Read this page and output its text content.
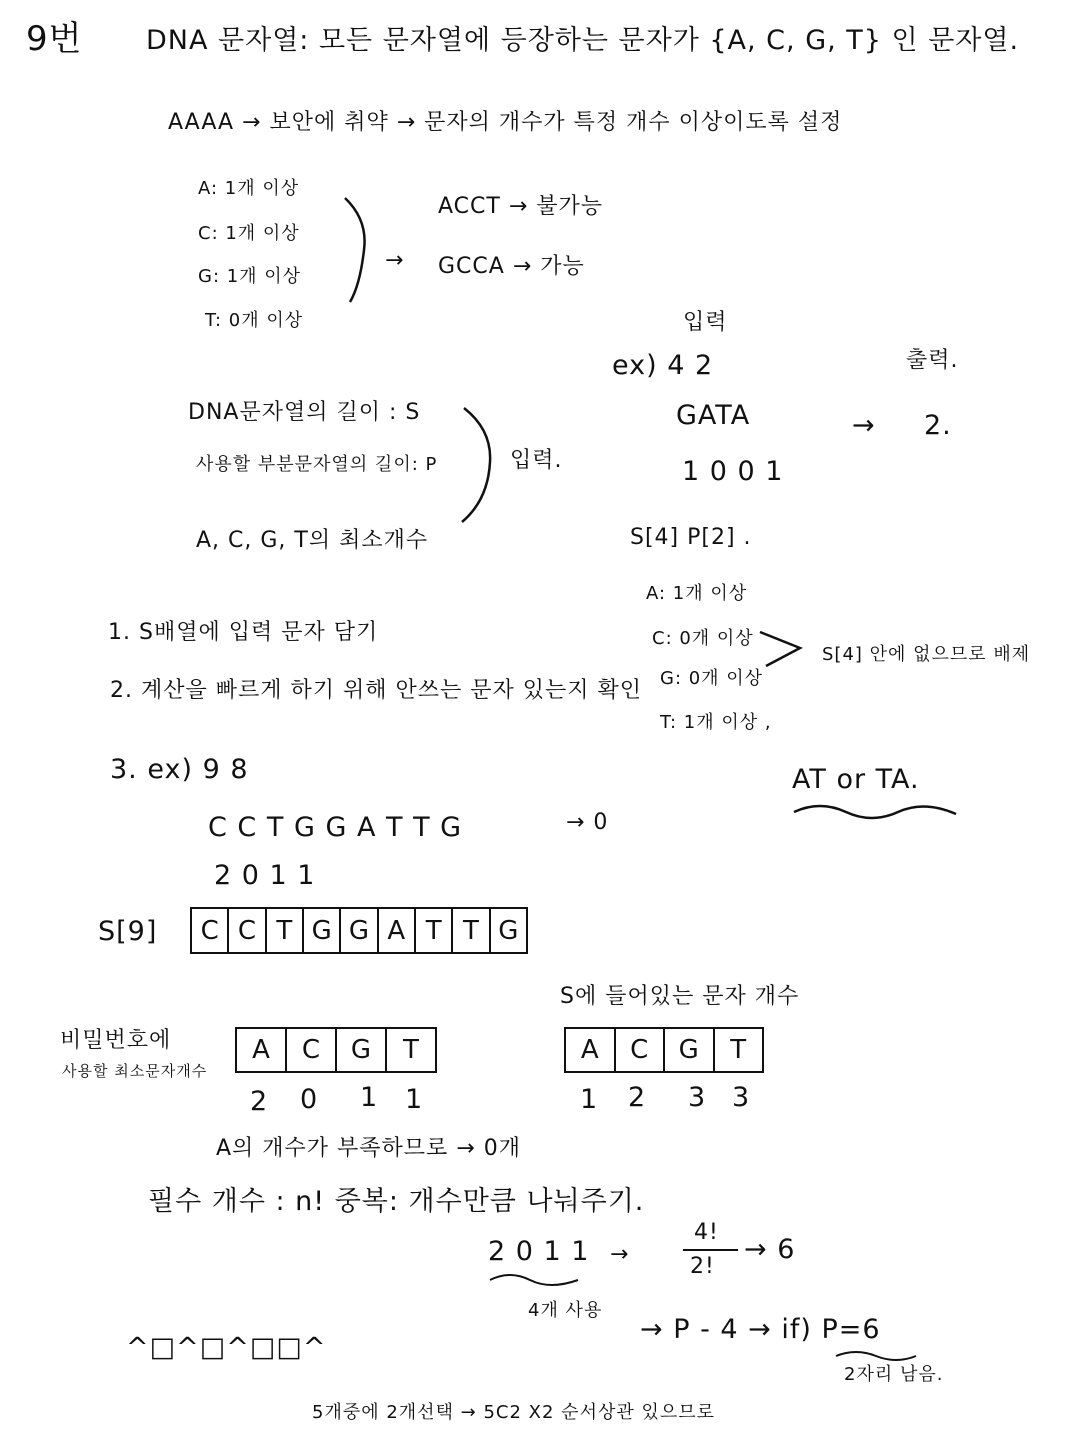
9번 DNA 문자열: 모든 문자열에 등장하는 문자가 {A, C, G, T} 인 문자열.
AAAA → 보안에 취약 → 문자의 개수가 특정 개수 이상이도록 설정
A: 1개 이상
C: 1개 이상
G: 1개 이상
T: 0개 이상
→
ACCT → 불가능
GCCA → 가능
입력
ex) 4 2	출력.
GATA	→ 2.
1 0 0 1
S[4] P[2] .
A: 1개 이상
C: 0개 이상
G: 0개 이상
T: 1개 이상 ,
S[4] 안에 없으므로 배제
AT or TA.
DNA문자열의 길이 : S
사용할 부분문자열의 길이: P
A, C, G, T의 최소개수
입력.
1. S배열에 입력 문자 담기
2. 계산을 빠르게 하기 위해 안쓰는 문자 있는지 확인
3. ex) 9 8
C C T G G A T T G	→ 0
2 0 1 1
S[9]	C C T G G A T T G
비밀번호에
사용할 최소문자개수
A	C	G	T
2 0 1 1
S에 들어있는 문자 개수
A	C	G	T
1 2 3 3
A의 개수가 부족하므로 → 0개
필수 개수 : n! 중복: 개수만큼 나눠주기.
2 0 1 1 →
4!
2!
→ 6
4개 사용
→ P - 4 → if) P=6
2자리 남음.
^□^□^□□^
5개중에 2개선택 → 5C2 X2 순서상관 있으므로
